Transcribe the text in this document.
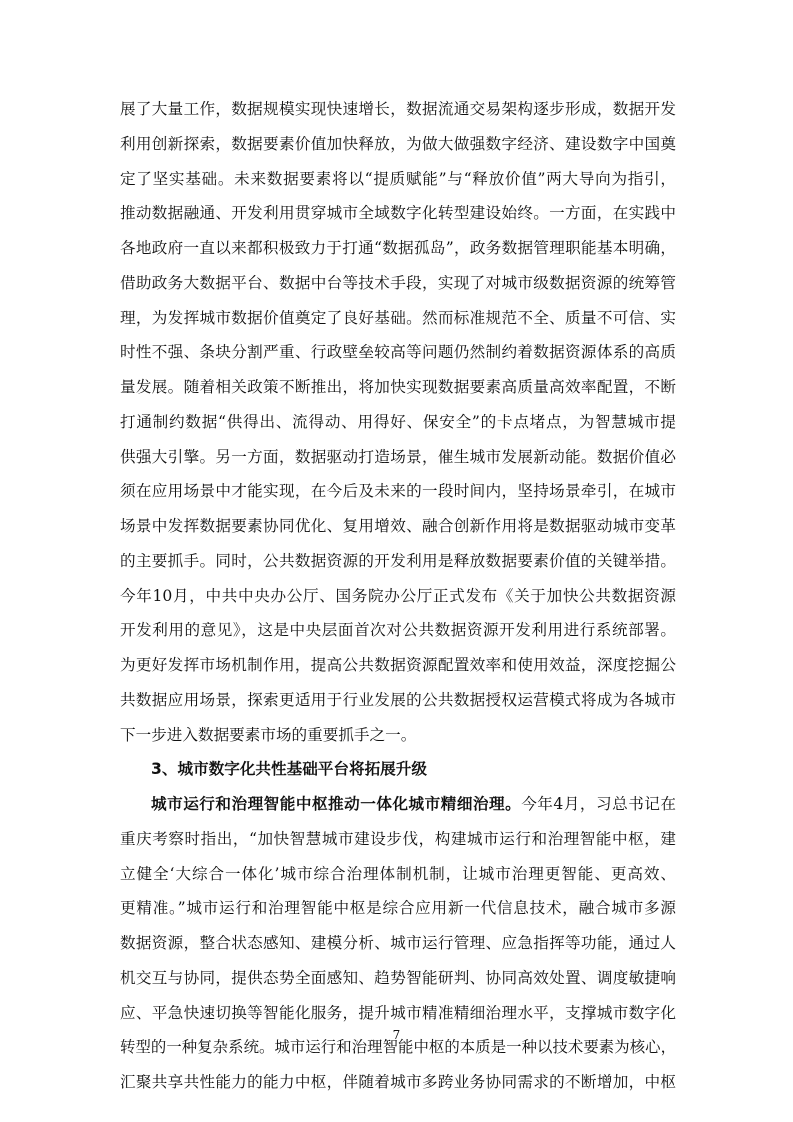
展了大量工作，数据规模实现快速增长，数据流通交易架构逐步形成，数据开发
利用创新探索，数据要素价值加快释放，为做大做强数字经济、建设数字中国奠
定了坚实基础。未来数据要素将以“提质赋能”与“释放价值”两大导向为指引，
推动数据融通、开发利用贯穿城市全域数字化转型建设始终。一方面，在实践中
各地政府一直以来都积极致力于打通“数据孤岛”，政务数据管理职能基本明确，
借助政务大数据平台、数据中台等技术手段，实现了对城市级数据资源的统筹管
理，为发挥城市数据价值奠定了良好基础。然而标准规范不全、质量不可信、实
时性不强、条块分割严重、行政壁垒较高等问题仍然制约着数据资源体系的高质
量发展。随着相关政策不断推出，将加快实现数据要素高质量高效率配置，不断
打通制约数据“供得出、流得动、用得好、保安全”的卡点堵点，为智慧城市提
供强大引擎。另一方面，数据驱动打造场景，催生城市发展新动能。数据价值必
须在应用场景中才能实现，在今后及未来的一段时间内，坚持场景牵引，在城市
场景中发挥数据要素协同优化、复用增效、融合创新作用将是数据驱动城市变革
的主要抓手。同时，公共数据资源的开发利用是释放数据要素价值的关键举措。
今年10月，中共中央办公厅、国务院办公厅正式发布《关于加快公共数据资源
开发利用的意见》，这是中央层面首次对公共数据资源开发利用进行系统部署。
为更好发挥市场机制作用，提高公共数据资源配置效率和使用效益，深度挖掘公
共数据应用场景，探索更适用于行业发展的公共数据授权运营模式将成为各城市
下一步进入数据要素市场的重要抓手之一。
3、城市数字化共性基础平台将拓展升级
城市运行和治理智能中枢推动一体化城市精细治理。今年4月，习总书记在
重庆考察时指出，“加快智慧城市建设步伐，构建城市运行和治理智能中枢，建
立健全‘大综合一体化’城市综合治理体制机制，让城市治理更智能、更高效、
更精准。”城市运行和治理智能中枢是综合应用新一代信息技术，融合城市多源
数据资源，整合状态感知、建模分析、城市运行管理、应急指挥等功能，通过人
机交互与协同，提供态势全面感知、趋势智能研判、协同高效处置、调度敏捷响
应、平急快速切换等智能化服务，提升城市精准精细治理水平，支撑城市数字化
转型的一种复杂系统。城市运行和治理智能中枢的本质是一种以技术要素为核心，
汇聚共享共性能力的能力中枢，伴随着城市多跨业务协同需求的不断增加，中枢
7
